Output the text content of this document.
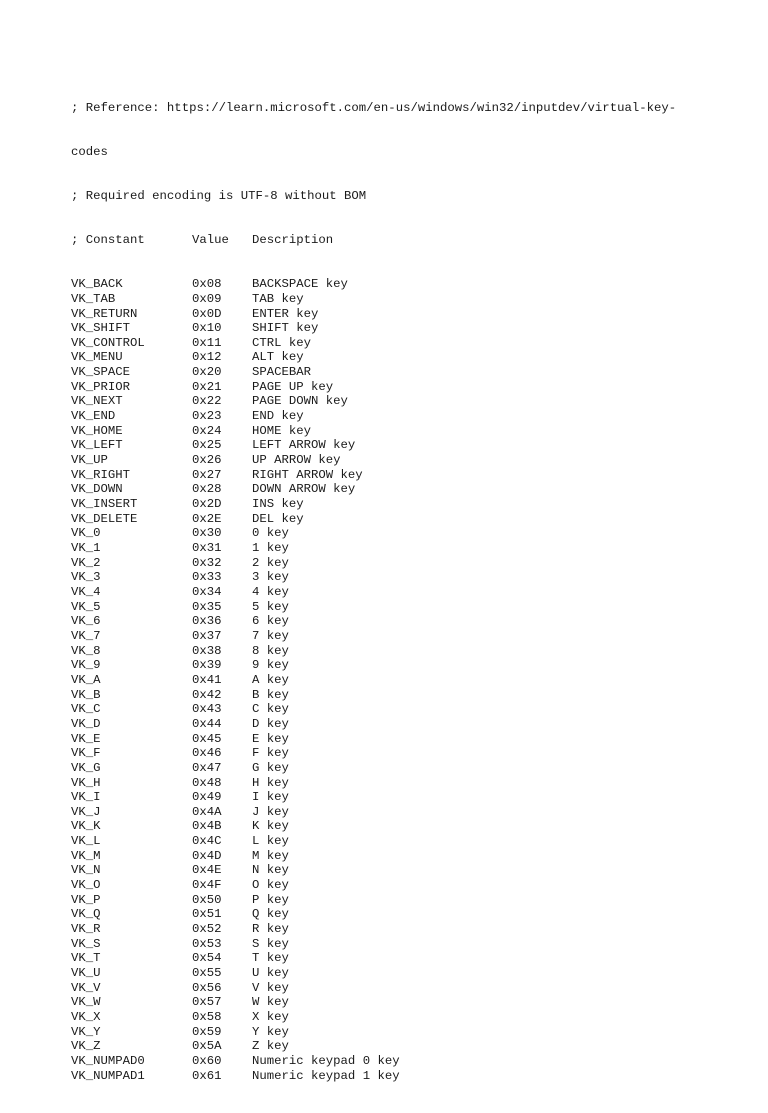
; Reference: https://learn.microsoft.com/en-us/windows/win32/inputdev/virtual-key-

codes

; Required encoding is UTF-8 without BOM

; Constant	Value	Description

VK_BACK	0x08	BACKSPACE key
VK_TAB	0x09	TAB key
VK_RETURN	0x0D	ENTER key
VK_SHIFT	0x10	SHIFT key
VK_CONTROL	0x11	CTRL key
VK_MENU	0x12	ALT key
VK_SPACE	0x20	SPACEBAR
VK_PRIOR	0x21	PAGE UP key
VK_NEXT	0x22	PAGE DOWN key
VK_END	0x23	END key
VK_HOME	0x24	HOME key
VK_LEFT	0x25	LEFT ARROW key
VK_UP	0x26	UP ARROW key
VK_RIGHT	0x27	RIGHT ARROW key
VK_DOWN	0x28	DOWN ARROW key
VK_INSERT	0x2D	INS key
VK_DELETE	0x2E	DEL key
VK_0	0x30	0 key
VK_1	0x31	1 key
VK_2	0x32	2 key
VK_3	0x33	3 key
VK_4	0x34	4 key
VK_5	0x35	5 key
VK_6	0x36	6 key
VK_7	0x37	7 key
VK_8	0x38	8 key
VK_9	0x39	9 key
VK_A	0x41	A key
VK_B	0x42	B key
VK_C	0x43	C key
VK_D	0x44	D key
VK_E	0x45	E key
VK_F	0x46	F key
VK_G	0x47	G key
VK_H	0x48	H key
VK_I	0x49	I key
VK_J	0x4A	J key
VK_K	0x4B	K key
VK_L	0x4C	L key
VK_M	0x4D	M key
VK_N	0x4E	N key
VK_O	0x4F	O key
VK_P	0x50	P key
VK_Q	0x51	Q key
VK_R	0x52	R key
VK_S	0x53	S key
VK_T	0x54	T key
VK_U	0x55	U key
VK_V	0x56	V key
VK_W	0x57	W key
VK_X	0x58	X key
VK_Y	0x59	Y key
VK_Z	0x5A	Z key
VK_NUMPAD0	0x60	Numeric keypad 0 key
VK_NUMPAD1	0x61	Numeric keypad 1 key
